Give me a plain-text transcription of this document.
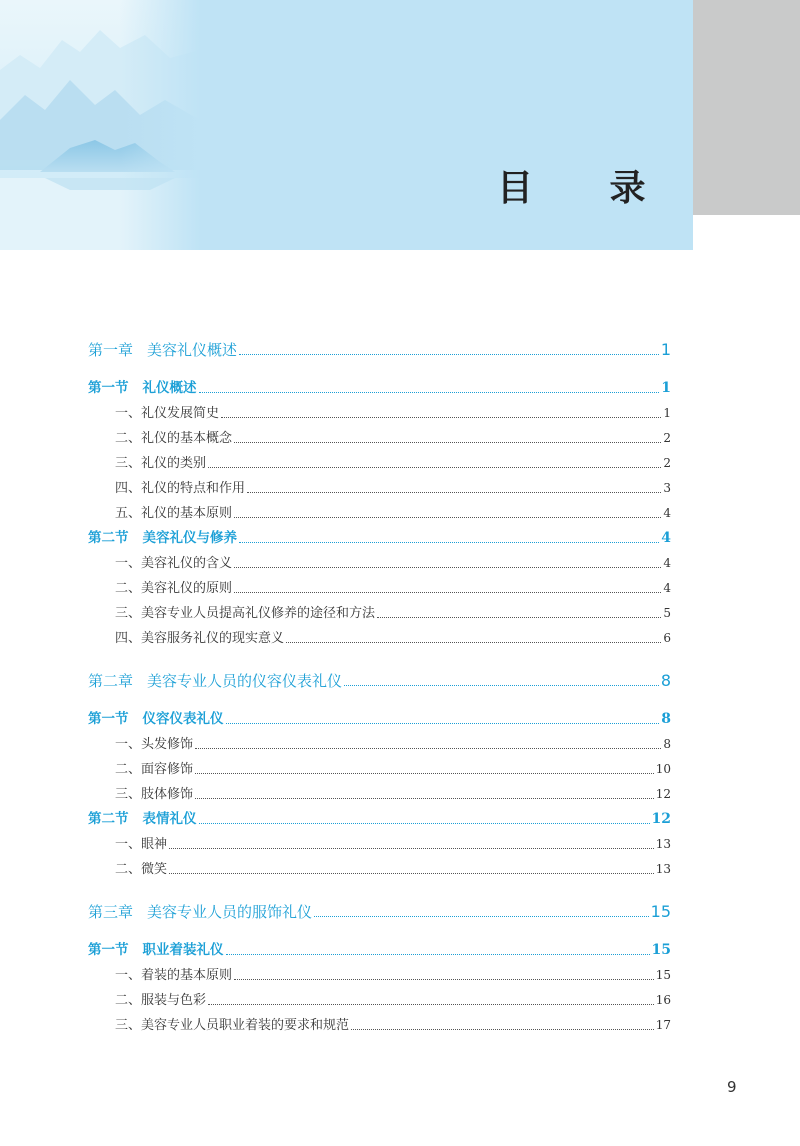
目 录
第一章 美容礼仪概述	1
第一节 礼仪概述	1
一、礼仪发展简史	1
二、礼仪的基本概念	2
三、礼仪的类别	2
四、礼仪的特点和作用	3
五、礼仪的基本原则	4
第二节 美容礼仪与修养	4
一、美容礼仪的含义	4
二、美容礼仪的原则	4
三、美容专业人员提高礼仪修养的途径和方法	5
四、美容服务礼仪的现实意义	6
第二章 美容专业人员的仪容仪表礼仪	8
第一节 仪容仪表礼仪	8
一、头发修饰	8
二、面容修饰	10
三、肢体修饰	12
第二节 表情礼仪	12
一、眼神	13
二、微笑	13
第三章 美容专业人员的服饰礼仪	15
第一节 职业着装礼仪	15
一、着装的基本原则	15
二、服装与色彩	16
三、美容专业人员职业着装的要求和规范	17
9
